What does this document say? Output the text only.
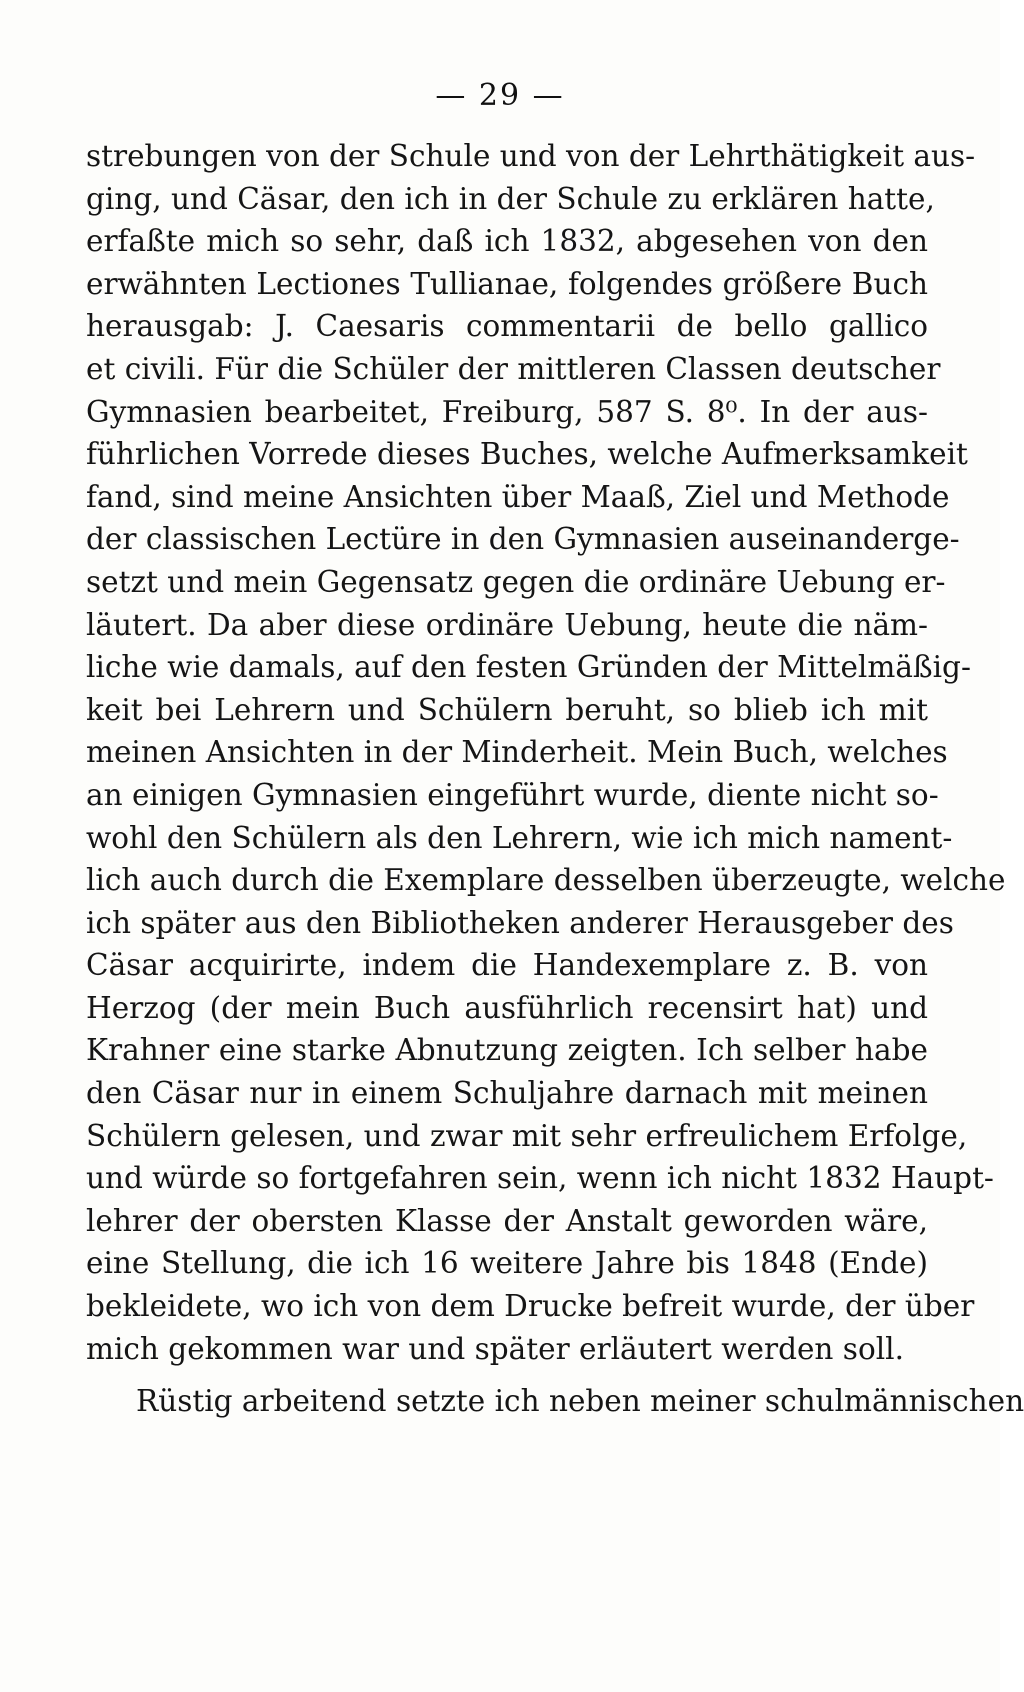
— 29 —
strebungen von der Schule und von der Lehrthätigkeit aus-
ging, und Cäsar, den ich in der Schule zu erklären hatte,
erfaßte mich so sehr, daß ich 1832, abgesehen von den
erwähnten Lectiones Tullianae, folgendes größere Buch
herausgab: J. Caesaris commentarii de bello gallico
et civili. Für die Schüler der mittleren Classen deutscher
Gymnasien bearbeitet, Freiburg, 587 S. 8⁰. In der aus-
führlichen Vorrede dieses Buches, welche Aufmerksamkeit
fand, sind meine Ansichten über Maaß, Ziel und Methode
der classischen Lectüre in den Gymnasien auseinanderge-
setzt und mein Gegensatz gegen die ordinäre Uebung er-
läutert. Da aber diese ordinäre Uebung, heute die näm-
liche wie damals, auf den festen Gründen der Mittelmäßig-
keit bei Lehrern und Schülern beruht, so blieb ich mit
meinen Ansichten in der Minderheit. Mein Buch, welches
an einigen Gymnasien eingeführt wurde, diente nicht so-
wohl den Schülern als den Lehrern, wie ich mich nament-
lich auch durch die Exemplare desselben überzeugte, welche
ich später aus den Bibliotheken anderer Herausgeber des
Cäsar acquirirte, indem die Handexemplare z. B. von
Herzog (der mein Buch ausführlich recensirt hat) und
Krahner eine starke Abnutzung zeigten. Ich selber habe
den Cäsar nur in einem Schuljahre darnach mit meinen
Schülern gelesen, und zwar mit sehr erfreulichem Erfolge,
und würde so fortgefahren sein, wenn ich nicht 1832 Haupt-
lehrer der obersten Klasse der Anstalt geworden wäre,
eine Stellung, die ich 16 weitere Jahre bis 1848 (Ende)
bekleidete, wo ich von dem Drucke befreit wurde, der über
mich gekommen war und später erläutert werden soll.
Rüstig arbeitend setzte ich neben meiner schulmännischen
